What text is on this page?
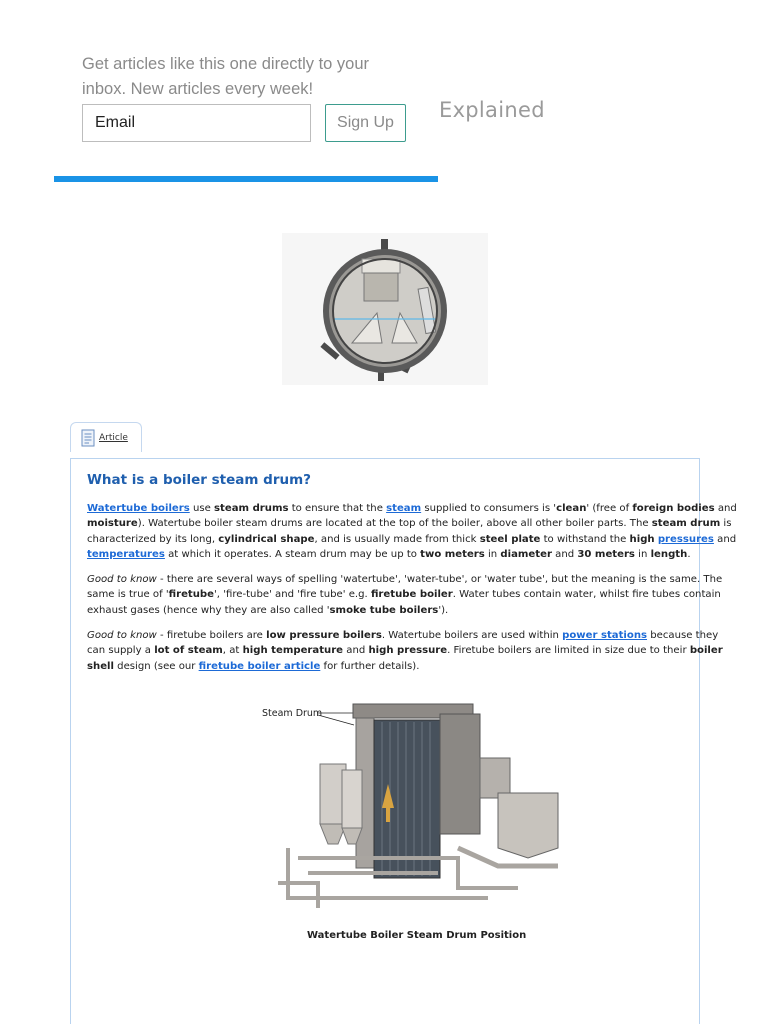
Get articles like this one directly to your inbox. New articles every week!
Email
Sign Up
Explained
Article
What is a boiler steam drum?

Watertube boilers use steam drums to ensure that the steam supplied to consumers is 'clean' (free of foreign bodies and moisture). Watertube boiler steam drums are located at the top of the boiler, above all other boiler parts. The steam drum is characterized by its long, cylindrical shape, and is usually made from thick steel plate to withstand the high pressures and temperatures at which it operates. A steam drum may be up to two meters in diameter and 30 meters in length.

Good to know - there are several ways of spelling 'watertube', 'water-tube', or 'water tube', but the meaning is the same. The same is true of 'firetube', 'fire-tube' and 'fire tube' e.g. firetube boiler. Water tubes contain water, whilst fire tubes contain exhaust gases (hence why they are also called 'smoke tube boilers').

Good to know - firetube boilers are low pressure boilers. Watertube boilers are used within power stations because they can supply a lot of steam, at high temperature and high pressure. Firetube boilers are limited in size due to their boiler shell design (see our firetube boiler article for further details).

Steam Drum
Watertube Boiler Steam Drum Position
